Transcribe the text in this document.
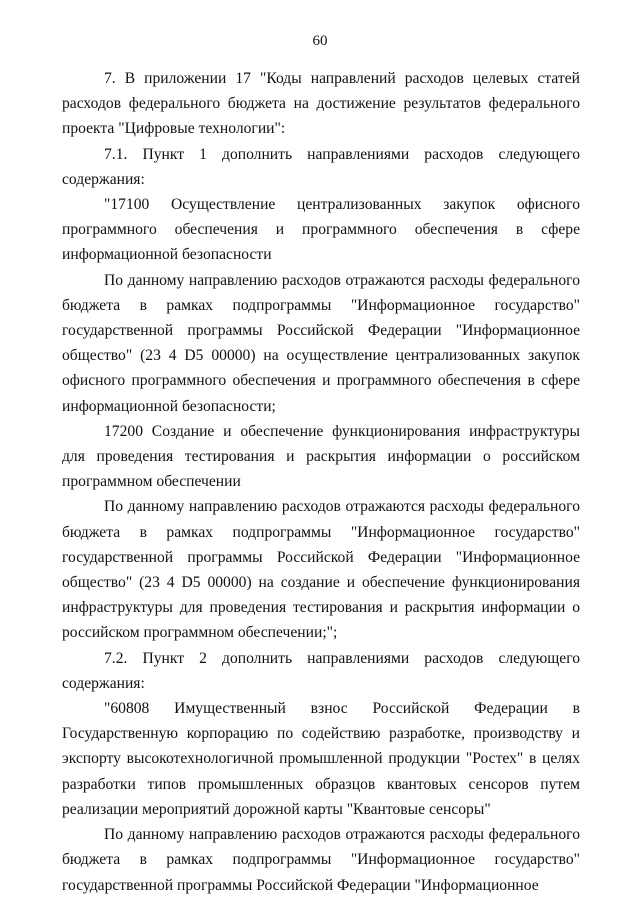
60

7. В приложении 17 "Коды направлений расходов целевых статей расходов федерального бюджета на достижение результатов федерального проекта "Цифровые технологии":

7.1. Пункт 1 дополнить направлениями расходов следующего содержания:

"17100 Осуществление централизованных закупок офисного программного обеспечения и программного обеспечения в сфере информационной безопасности

По данному направлению расходов отражаются расходы федерального бюджета в рамках подпрограммы "Информационное государство" государственной программы Российской Федерации "Информационное общество" (23 4 D5 00000) на осуществление централизованных закупок офисного программного обеспечения и программного обеспечения в сфере информационной безопасности;

17200 Создание и обеспечение функционирования инфраструктуры для проведения тестирования и раскрытия информации о российском программном обеспечении

По данному направлению расходов отражаются расходы федерального бюджета в рамках подпрограммы "Информационное государство" государственной программы Российской Федерации "Информационное общество" (23 4 D5 00000) на создание и обеспечение функционирования инфраструктуры для проведения тестирования и раскрытия информации о российском программном обеспечении;";

7.2. Пункт 2 дополнить направлениями расходов следующего содержания:

"60808 Имущественный взнос Российской Федерации в Государственную корпорацию по содействию разработке, производству и экспорту высокотехнологичной промышленной продукции "Ростех" в целях разработки типов промышленных образцов квантовых сенсоров путем реализации мероприятий дорожной карты "Квантовые сенсоры"

По данному направлению расходов отражаются расходы федерального бюджета в рамках подпрограммы "Информационное государство" государственной программы Российской Федерации "Информационное
